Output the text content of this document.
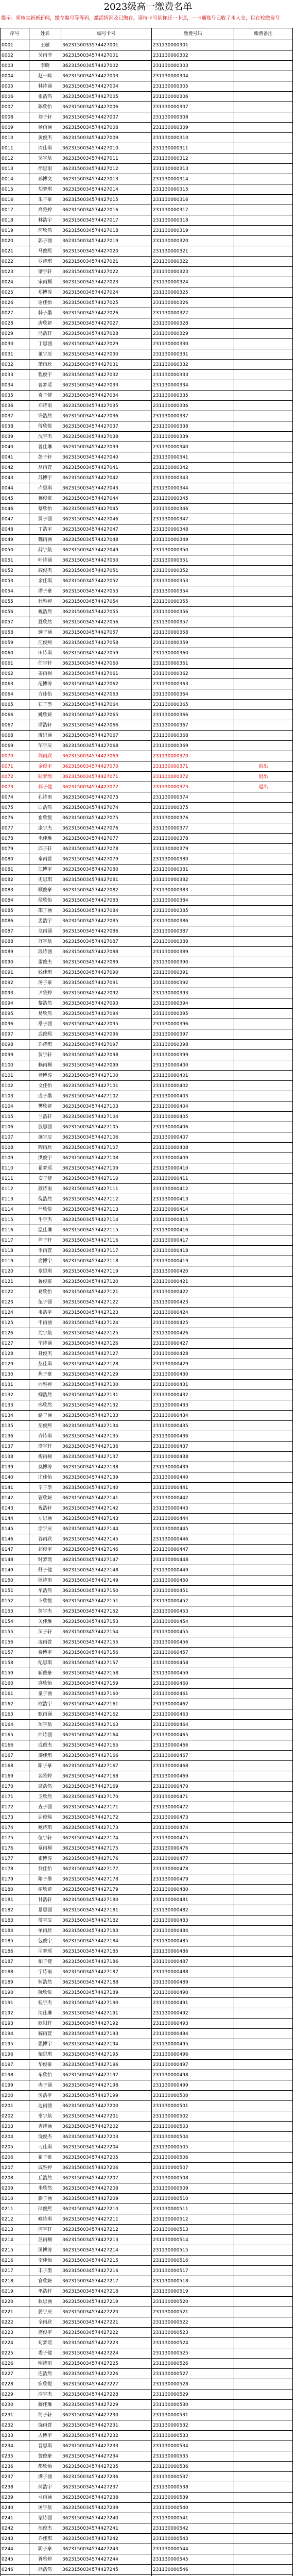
2023级高一缴费名单
提示：须核实新新新闻，缴存编号等等码，激活情况及已缴存，请持卡号到你还一卡通，一卡通账号已收了本人交，以在校缴费号
序号	姓名	编号卡号	缴费号码	缴费备注
0001	王敏	3623150033574427001	231130000301	
0002	吴雨菲	3623150034574427001	231130000302	
0003	李晓	3623150034574427002	231130000303	
0004	赵一鸣	3623150034574427003	231130000304	
0005	林诗涵	3623150034574427004	231130000305	
0006	张浩然	3623150034574427005	231130000306	
0007	陈欣怡	3623150034574427006	231130000307	
0008	刘子轩	3623150034574427007	231130000308	
0009	杨雨涵	3623150034574427008	231130000309	
0010	黄俊杰	3623150034574427009	231130000310	
0011	周佳琪	3623150034574427010	231130000311	
0012	吴宇航	3623150034574427011	231130000312	
0013	徐思雨	3623150034574427012	231130000313	
0014	孙博文	3623150034574427013	231130000314	
0015	胡梦琪	3623150034574427014	231130000315	
0016	朱子豪	3623150034574427015	231130000316	
0017	高雅婷	3623150034574427016	231130000317	
0018	林浩宇	3623150034574427017	231130000318	
0019	何欣然	3623150034574427018	231130000319	
0020	郭子涵	3623150034574427019	231130000320	
0021	马俊熙	3623150034574427020	231130000321	
0022	罗诗琪	3623150034574427021	231130000322	
0023	梁宇轩	3623150034574427022	231130000323	
0024	宋雨桐	3623150034574427023	231130000324	
0025	郑博涛	3623150034574427024	231130000325	
0026	谢佳怡	3623150034574427025	231130000326	
0027	韩子墨	3623150034574427026	231130000327	
0028	唐欣妍	3623150034574427027	231130000328	
0029	冯浩轩	3623150034574427028	231130000329	
0030	于思涵	3623150034574427029	231130000330	
0031	董宇辰	3623150034574427030	231130000331	
0032	萧雨欣	3623150034574427031	231130000332	
0033	程俊宇	3623150034574427032	231130000333	
0034	曹梦瑶	3623150034574427033	231130000334	
0035	袁子健	3623150034574427034	231130000335	
0036	邓诗雨	3623150034574427035	231130000336	
0037	许浩然	3623150034574427036	231130000337	
0038	傅欣悦	3623150034574427037	231130000338	
0039	沈宇杰	3623150034574427038	231130000339	
0040	曾佳琳	3623150034574427039	231130000340	
0041	彭子轩	3623150034574427040	231130000341	
0042	吕雨萱	3623150034574427041	231130000342	
0043	苏博宇	3623150034574427042	231130000343	
0044	卢思琪	3623150034574427043	231130000344	
0045	蒋俊豪	3623150034574427044	231130000345	
0046	蔡欣怡	3623150034574427045	231130000346	
0047	贾子涵	3623150034574427046	231130000347	
0048	丁浩宇	3623150034574427047	231130000348	
0049	魏雨涵	3623150034574427048	231130000349	
0050	薛宇航	3623150034574427049	231130000350	
0051	叶诗涵	3623150034574427050	231130000351	
0052	阎俊杰	3623150034574427051	231130000352	
0053	余佳琪	3623150034574427052	231130000353	
0054	潘子豪	3623150034574427053	231130000354	
0055	杜雅婷	3623150034574427054	231130000355	
0056	戴浩然	3623150034574427055	231130000356	
0057	夏欣然	3623150034574427056	231130000357	
0058	钟子涵	3623150034574427057	231130000358	
0059	汪俊熙	3623150034574427058	231130000359	
0060	田诗琪	3623150034574427059	231130000360	
0061	任宇轩	3623150034574427060	231130000361	
0062	姜雨桐	3623150034574427061	231130000362	
0063	范博涛	3623150034574427062	231130000363	
0064	方佳怡	3623150034574427063	231130000364	
0065	石子墨	3623150034574427064	231130000365	
0066	姚欣妍	3623150034574427065	231130000366	
0067	谭浩轩	3623150034574427066	231130000367	
0068	廖思涵	3623150034574427067	231130000368	
0069	邹宇辰	3623150034574427068	231130000369	
0070	熊雨欣	3623150034574427069	231130000370	
0071	金俊宇	3623150034574427070	231130000371	退出
0072	陆梦瑶	3623150034574427071	231130000372	退出
0073	郝子健	3623150034574427072	231130000373	退出
0074	孔诗雨	3623150034574427073	231130000374	
0075	白浩然	3623150034574427074	231130000375	
0076	崔欣悦	3623150034574427075	231130000376	
0077	康宇杰	3623150034574427076	231130000377	
0078	毛佳琳	3623150034574427077	231130000378	
0079	邱子轩	3623150034574427078	231130000379	
0080	秦雨萱	3623150034574427079	231130000380	
0081	江博宇	3623150034574427080	231130000381	
0082	史思琪	3623150034574427081	231130000382	
0083	顾俊豪	3623150034574427082	231130000383	
0084	侯欣怡	3623150034574427083	231130000384	
0085	邵子涵	3623150034574427084	231130000385	
0086	孟浩宇	3623150034574427085	231130000386	
0087	龙雨涵	3623150034574427086	231130000387	
0088	万宇航	3623150034574427087	231130000388	
0089	段诗涵	3623150034574427088	231130000389	
0090	雷俊杰	3623150034574427089	231130000390	
0091	钱佳琪	3623150034574427090	231130000391	
0092	汤子豪	3623150034574427091	231130000392	
0093	尹雅婷	3623150034574427092	231130000393	
0094	黎浩然	3623150034574427093	231130000394	
0095	易欣然	3623150034574427094	231130000395	
0096	常子涵	3623150034574427095	231130000396	
0097	武俊熙	3623150034574427096	231130000397	
0098	乔诗琪	3623150034574427097	231130000398	
0099	贺宇轩	3623150034574427098	231130000399	
0100	赖雨桐	3623150034574427099	231130000400	
0101	龚博涛	3623150034574427100	231130000401	
0102	文佳怡	3623150034574427101	231130000402	
0103	庞子墨	3623150034574427102	231130000403	
0104	樊欣妍	3623150034574427103	231130000404	
0105	兰浩轩	3623150034574427104	231130000405	
0106	殷思涵	3623150034574427105	231130000406	
0107	施宇辰	3623150034574427106	231130000407	
0108	陶雨欣	3623150034574427107	231130000408	
0109	洪俊宇	3623150034574427108	231130000409	
0110	翟梦瑶	3623150034574427109	231130000410	
0111	安子健	3623150034574427110	231130000411	
0112	颜诗雨	3623150034574427111	231130000412	
0113	倪浩然	3623150034574427112	231130000413	
0114	严欣悦	3623150034574427113	231130000414	
0115	牛宇杰	3623150034574427114	231130000415	
0116	温佳琳	3623150034574427115	231130000416	
0117	芦子轩	3623150034574427116	231130000417	
0118	季雨萱	3623150034574427117	231130000418	
0119	俞博宇	3623150034574427118	231130000419	
0120	章思琪	3623150034574427119	231130000420	
0121	鲁俊豪	3623150034574427120	231130000421	
0122	葛欣怡	3623150034574427121	231130000422	
0123	伍子涵	3623150034574427122	231130000423	
0124	韦浩宇	3623150034574427123	231130000424	
0125	申雨涵	3623150034574427124	231130000425	
0126	尤宇航	3623150034574427125	231130000426	
0127	毕诗涵	3623150034574427126	231130000427	
0128	聂俊杰	3623150034574427127	231130000428	
0129	丛佳琪	3623150034574427128	231130000429	
0130	焦子豪	3623150034574427129	231130000430	
0131	向雅婷	3623150034574427130	231130000431	
0132	柳浩然	3623150034574427131	231130000432	
0133	邢欣然	3623150034574427132	231130000433	
0134	路子涵	3623150034574427133	231130000434	
0135	岳俊熙	3623150034574427134	231130000435	
0136	齐诗琪	3623150034574427135	231130000436	
0137	沿宇轩	3623150034574427136	231130000437	
0138	梅雨桐	3623150034574427137	231130000438	
0139	莫博涛	3623150034574427138	231130000439	
0140	庄佳怡	3623150034574427139	231130000440	
0141	辛子墨	3623150034574427140	231130000441	
0142	管欣妍	3623150034574427141	231130000442	
0143	祝浩轩	3623150034574427142	231130000443	
0144	左思涵	3623150034574427143	231130000444	
0145	涂宇辰	3623150034574427144	231130000445	
0146	谷雨欣	3623150034574427145	231130000446	
0147	祁俊宇	3623150034574427146	231130000447	
0148	时梦瑶	3623150034574427147	231130000448	
0149	舒子健	3623150034574427148	231130000449	
0150	耿诗雨	3623150034574427149	231130000450	
0151	牟浩然	3623150034574427150	231130000451	
0152	卜欣悦	3623150034574427151	231130000452	
0153	詹宇杰	3623150034574427152	231130000453	
0154	关佳琳	3623150034574427153	231130000454	
0155	苗子轩	3623150034574427154	231130000455	
0156	凌雨萱	3623150034574427155	231130000456	
0157	费博宇	3623150034574427156	231130000457	
0158	纪思琪	3623150034574427157	231130000458	
0159	靳俊豪	3623150034574427158	231130000459	
0160	盛欣怡	3623150034574427159	231130000460	
0161	童子涵	3623150034574427160	231130000461	
0162	欧浩宇	3623150034574427161	231130000462	
0163	甄雨涵	3623150034574427162	231130000463	
0164	项宇航	3623150034574427163	231130000464	
0165	曲诗涵	3623150034574427164	231130000465	
0166	成俊杰	3623150034574427165	231130000466	
0167	游佳琪	3623150034574427166	231130000467	
0168	阳子豪	3623150034574427167	231130000468	
0169	裴雅婷	3623150034574427168	231130000469	
0170	席浩然	3623150034574427169	231130000470	
0171	卫欣然	3623150034574427170	231130000471	
0172	查子涵	3623150034574427171	231130000472	
0173	屈俊熙	3623150034574427172	231130000473	
0174	鲍诗琪	3623150034574427173	231130000474	
0175	位宇轩	3623150034574427174	231130000475	
0176	覃雨桐	3623150034574427175	231130000476	
0177	霍博涛	3623150034574427176	231130000477	
0178	翁佳怡	3623150034574427177	231130000478	
0179	隋子墨	3623150034574427178	231130000479	
0180	植欣妍	3623150034574427179	231130000480	
0181	甘浩轩	3623150034574427180	231130000481	
0182	景思涵	3623150034574427181	231130000482	
0183	薄宇辰	3623150034574427182	231130000483	
0184	单雨欣	3623150034574427183	231130000484	
0185	包俊宇	3623150034574427184	231130000485	
0186	司梦瑶	3623150034574427185	231130000486	
0187	柏子健	3623150034574427186	231130000487	
0188	宁诗雨	3623150034574427187	231130000488	
0189	柯浩然	3623150034574427188	231130000489	
0190	阮欣悦	3623150034574427189	231130000490	
0191	桂宇杰	3623150034574427190	231130000491	
0192	闵佳琳	3623150034574427191	231130000492	
0193	欧阳轩	3623150034574427192	231130000493	
0194	解雨萱	3623150034574427193	231130000494	
0195	强博宇	3623150034574427194	231130000495	
0196	柴思琪	3623150034574427195	231130000496	
0197	华俊豪	3623150034574427196	231130000497	
0198	车欣怡	3623150034574427197	231130000498	
0199	冉子涵	3623150034574427198	231130000499	
0200	房浩宇	3623150034574427199	231130000500	
0201	边雨涵	3623150034574427200	231130000501	
0202	辜宇航	3623150034574427201	231130000502	
0203	吉诗涵	3623150034574427202	231130000503	
0204	饶俊杰	3623150034574427203	231130000504	
0205	刁佳琪	3623150034574427204	231130000505	
0206	瞿子豪	3623150034574427205	231130000506	
0207	戚雅婷	3623150034574427206	231130000507	
0208	丘浩然	3623150034574427207	231130000508	
0209	米欣然	3623150034574427208	231130000509	
0210	滕子涵	3623150034574427209	231130000510	
0211	储俊熙	3623150034574427210	231130000511	
0212	喻诗琪	3623150034574427211	231130000512	
0213	应宇轩	3623150034574427212	231130000513	
0214	蓝雨桐	3623150034574427213	231130000514	
0215	匡博涛	3623150034574427214	231130000515	
0216	宗佳怡	3623150034574427215	231130000516	
0217	丰子墨	3623150034574427216	231130000517	
0218	官欣妍	3623150034574427217	231130000518	
0219	巫浩轩	3623150034574427218	231130000519	
0220	狄思涵	3623150034574427219	231130000520	
0221	晏宇辰	3623150034574427220	231130000521	
0222	全雨欣	3623150034574427221	231130000522	
0223	湛俊宇	3623150034574427222	231130000523	
0224	苟梦瑶	3623150034574427223	231130000524	
0225	娄子健	3623150034574427224	231130000525	
0226	明诗雨	3623150034574427225	231130000526	
0227	连浩然	3623150034574427226	231130000527	
0228	宿欣悦	3623150034574427227	231130000528	
0229	冷宇杰	3623150034574427228	231130000529	
0230	阚佳琳	3623150034574427229	231130000530	
0231	简子轩	3623150034574427230	231130000531	
0232	饶雨萱	3623150034574427231	231130000532	
0233	占博宇	3623150034574427232	231130000533	
0234	晋思琪	3623150034574427233	231130000534	
0235	訾俊豪	3623150034574427234	231130000535	
0236	都欣怡	3623150034574427235	231130000536	
0237	满子涵	3623150034574427236	231130000537	
0238	蒲浩宇	3623150034574427237	231130000538	
0239	弓雨涵	3623150034574427238	231130000539	
0240	屠宇航	3623150034574427239	231130000540	
0241	蒙诗涵	3623150034574427240	231130000541	
0242	池俊杰	3623150034574427241	231130000542	
0243	乔佳琪	3623150034574427242	231130000543	
0244	阴子豪	3623150034574427243	231130000544	
0245	胥雅婷	3623150034574427244	231130000545	
0246	能浩然	3623150034574427245	231130000546	
